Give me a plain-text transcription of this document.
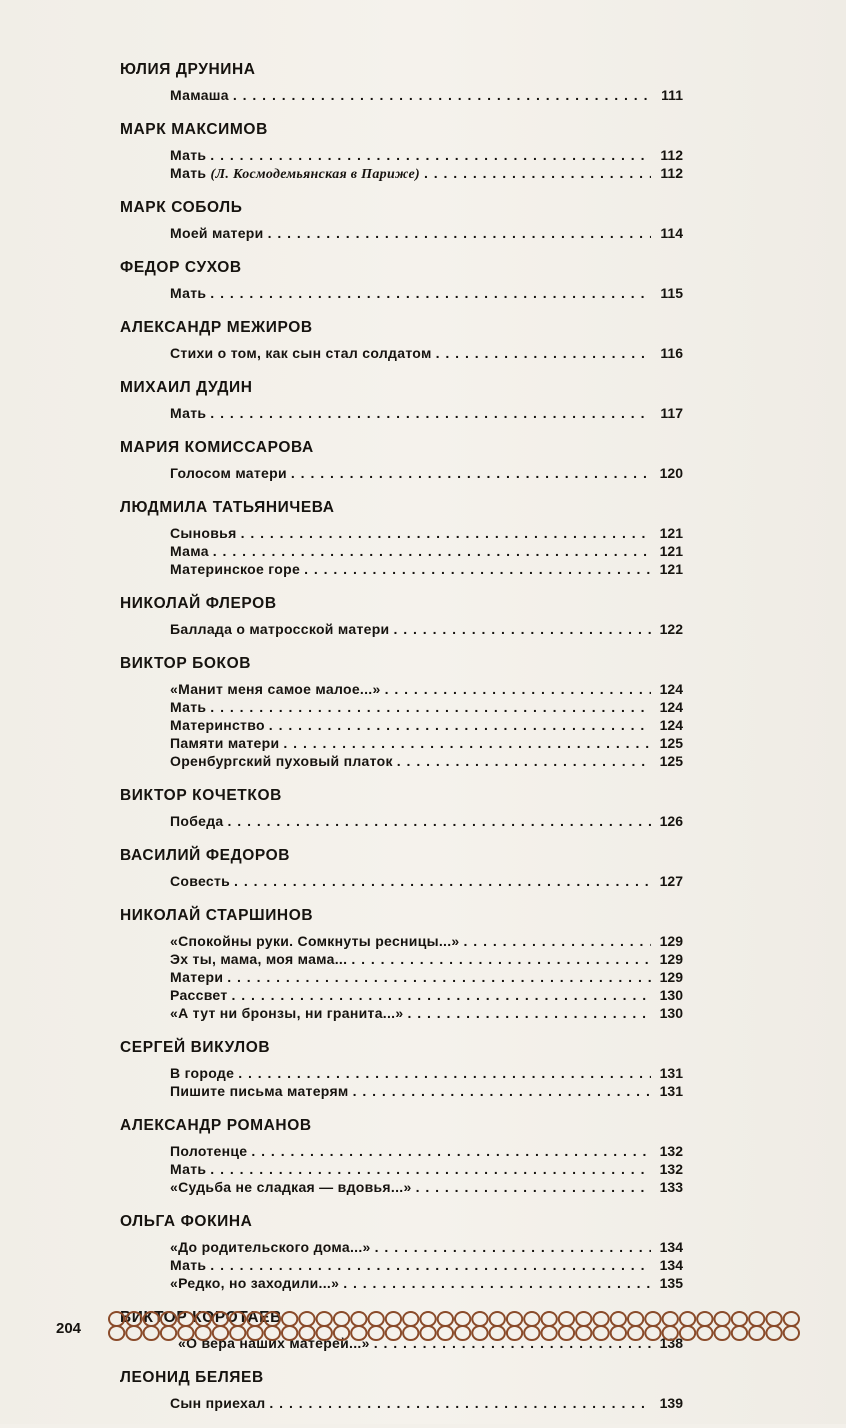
ЮЛИЯ ДРУНИНА
Мамаша . . .	111
МАРК МАКСИМОВ
Мать . . .	112
Мать (Л. Космодемьянская в Париже) . . .	112
МАРК СОБОЛЬ
Моей матери . . .	114
ФЕДОР СУХОВ
Мать . . .	115
АЛЕКСАНДР МЕЖИРОВ
Стихи о том, как сын стал солдатом . . .	116
МИХАИЛ ДУДИН
Мать . . .	117
МАРИЯ КОМИССАРОВА
Голосом матери . . .	120
ЛЮДМИЛА ТАТЬЯНИЧЕВА
Сыновья . . .	121
Мама . . .	121
Материнское горе . . .	121
НИКОЛАЙ ФЛЕРОВ
Баллада о матросской матери . . .	122
ВИКТОР БОКОВ
«Манит меня самое малое...» . . .	124
Мать . . .	124
Материнство . . .	124
Памяти матери . . .	125
Оренбургский пуховый платок . . .	125
ВИКТОР КОЧЕТКОВ
Победа . . .	126
ВАСИЛИЙ ФЕДОРОВ
Совесть . . .	127
НИКОЛАЙ СТАРШИНОВ
«Спокойны руки. Сомкнуты ресницы...» . . .	129
Эх ты, мама, моя мама... . . .	129
Матери . . .	129
Рассвет . . .	130
«А тут ни бронзы, ни гранита...» . . .	130
СЕРГЕЙ ВИКУЛОВ
В городе . . .	131
Пишите письма матерям . . .	131
АЛЕКСАНДР РОМАНОВ
Полотенце . . .	132
Мать . . .	132
«Судьба не сладкая — вдовья...» . . .	133
ОЛЬГА ФОКИНА
«До родительского дома...» . . .	134
Мать . . .	134
«Редко, но заходили...» . . .	135
ВИКТОР КОРОТАЕВ
«О вера наших матерей...» . . .	138
ЛЕОНИД БЕЛЯЕВ
Сын приехал . . .	139
204
